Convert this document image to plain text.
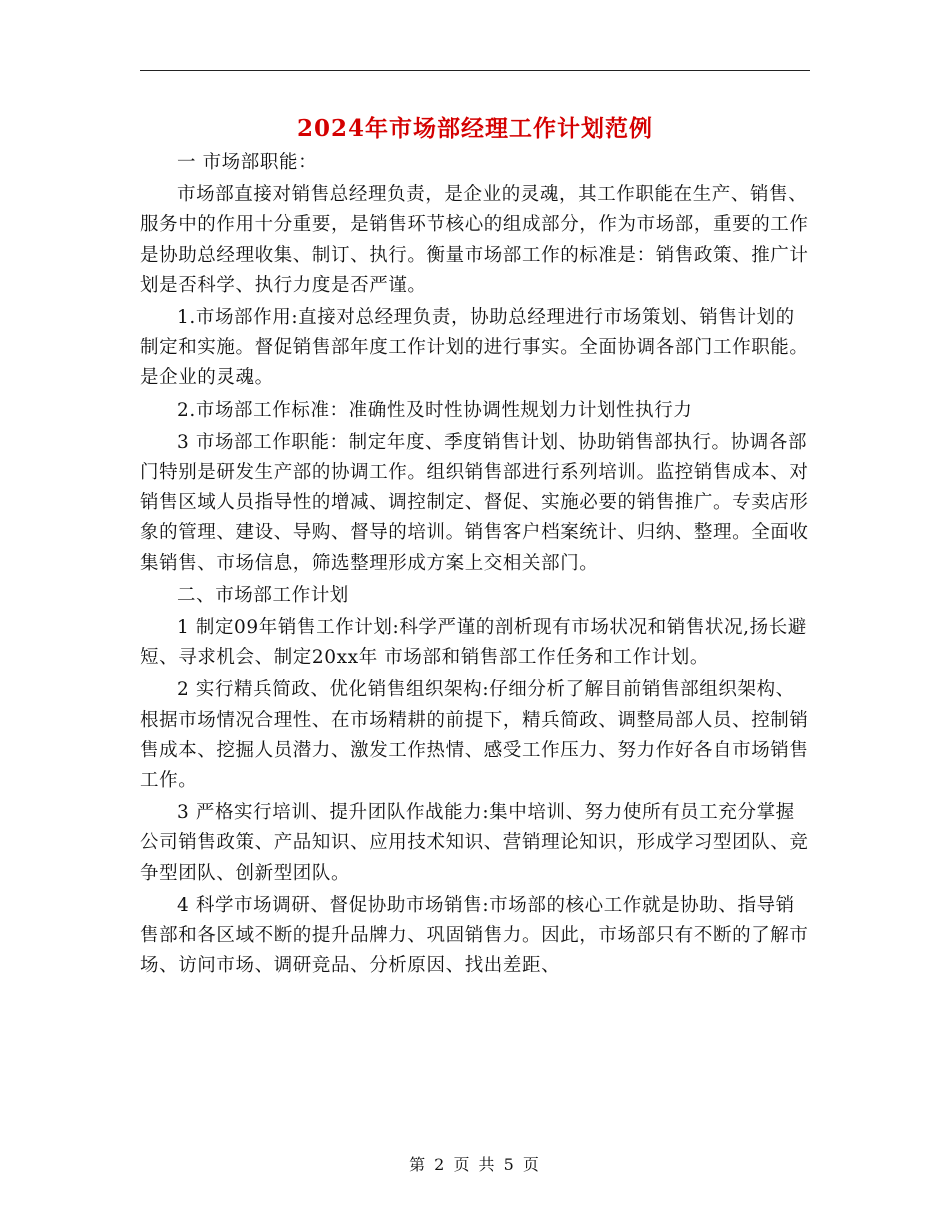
2024年市场部经理工作计划范例

一 市场部职能：

市场部直接对销售总经理负责，是企业的灵魂，其工作职能在生产、销售、服务中的作用十分重要，是销售环节核心的组成部分，作为市场部，重要的工作是协助总经理收集、制订、执行。衡量市场部工作的标准是：销售政策、推广计划是否科学、执行力度是否严谨。

1.市场部作用:直接对总经理负责，协助总经理进行市场策划、销售计划的制定和实施。督促销售部年度工作计划的进行事实。全面协调各部门工作职能。是企业的灵魂。

2.市场部工作标准：准确性及时性协调性规划力计划性执行力

3 市场部工作职能：制定年度、季度销售计划、协助销售部执行。协调各部门特别是研发生产部的协调工作。组织销售部进行系列培训。监控销售成本、对销售区域人员指导性的增减、调控制定、督促、实施必要的销售推广。专卖店形象的管理、建设、导购、督导的培训。销售客户档案统计、归纳、整理。全面收集销售、市场信息，筛选整理形成方案上交相关部门。

二、市场部工作计划

1 制定09年销售工作计划:科学严谨的剖析现有市场状况和销售状况,扬长避短、寻求机会、制定20xx年 市场部和销售部工作任务和工作计划。

2 实行精兵简政、优化销售组织架构:仔细分析了解目前销售部组织架构、根据市场情况合理性、在市场精耕的前提下，精兵简政、调整局部人员、控制销售成本、挖掘人员潜力、激发工作热情、感受工作压力、努力作好各自市场销售工作。

3 严格实行培训、提升团队作战能力:集中培训、努力使所有员工充分掌握公司销售政策、产品知识、应用技术知识、营销理论知识，形成学习型团队、竞争型团队、创新型团队。

4 科学市场调研、督促协助市场销售:市场部的核心工作就是协助、指导销售部和各区域不断的提升品牌力、巩固销售力。因此，市场部只有不断的了解市场、访问市场、调研竞品、分析原因、找出差距、

第 2 页 共 5 页
